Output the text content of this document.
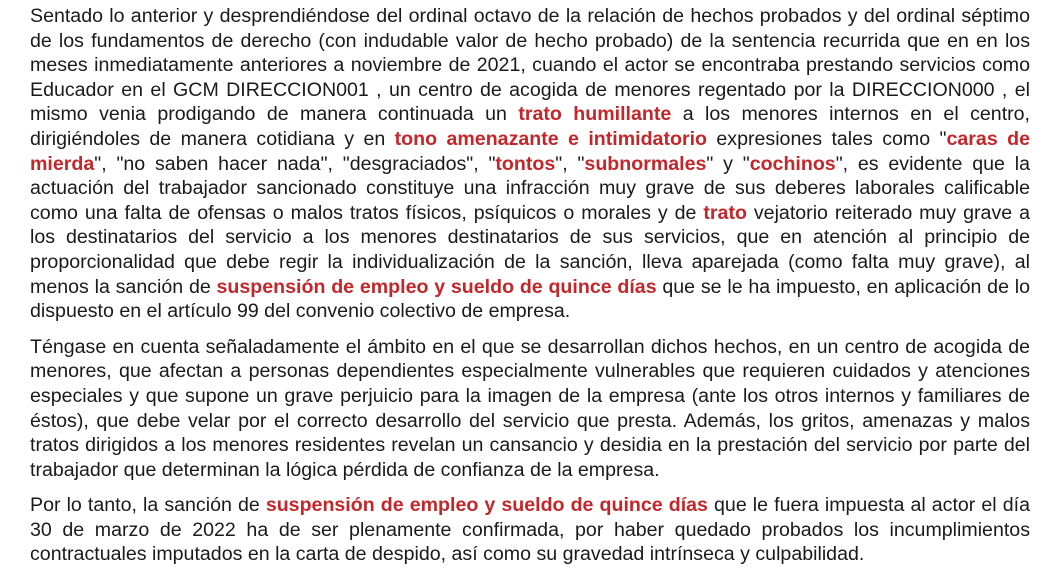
Sentado lo anterior y desprendiéndose del ordinal octavo de la relación de hechos probados y del ordinal séptimo de los fundamentos de derecho (con indudable valor de hecho probado) de la sentencia recurrida que en en los meses inmediatamente anteriores a noviembre de 2021, cuando el actor se encontraba prestando servicios como Educador en el GCM DIRECCION001 , un centro de acogida de menores regentado por la DIRECCION000 , el mismo venia prodigando de manera continuada un trato humillante a los menores internos en el centro, dirigiéndoles de manera cotidiana y en tono amenazante e intimidatorio expresiones tales como "caras de mierda", "no saben hacer nada", "desgraciados", "tontos", "subnormales" y "cochinos", es evidente que la actuación del trabajador sancionado constituye una infracción muy grave de sus deberes laborales calificable como una falta de ofensas o malos tratos físicos, psíquicos o morales y de trato vejatorio reiterado muy grave a los destinatarios del servicio a los menores destinatarios de sus servicios, que en atención al principio de proporcionalidad que debe regir la individualización de la sanción, lleva aparejada (como falta muy grave), al menos la sanción de suspensión de empleo y sueldo de quince días que se le ha impuesto, en aplicación de lo dispuesto en el artículo 99 del convenio colectivo de empresa.

Téngase en cuenta señaladamente el ámbito en el que se desarrollan dichos hechos, en un centro de acogida de menores, que afectan a personas dependientes especialmente vulnerables que requieren cuidados y atenciones especiales y que supone un grave perjuicio para la imagen de la empresa (ante los otros internos y familiares de éstos), que debe velar por el correcto desarrollo del servicio que presta. Además, los gritos, amenazas y malos tratos dirigidos a los menores residentes revelan un cansancio y desidia en la prestación del servicio por parte del trabajador que determinan la lógica pérdida de confianza de la empresa.

Por lo tanto, la sanción de suspensión de empleo y sueldo de quince días que le fuera impuesta al actor el día 30 de marzo de 2022 ha de ser plenamente confirmada, por haber quedado probados los incumplimientos contractuales imputados en la carta de despido, así como su gravedad intrínseca y culpabilidad.
